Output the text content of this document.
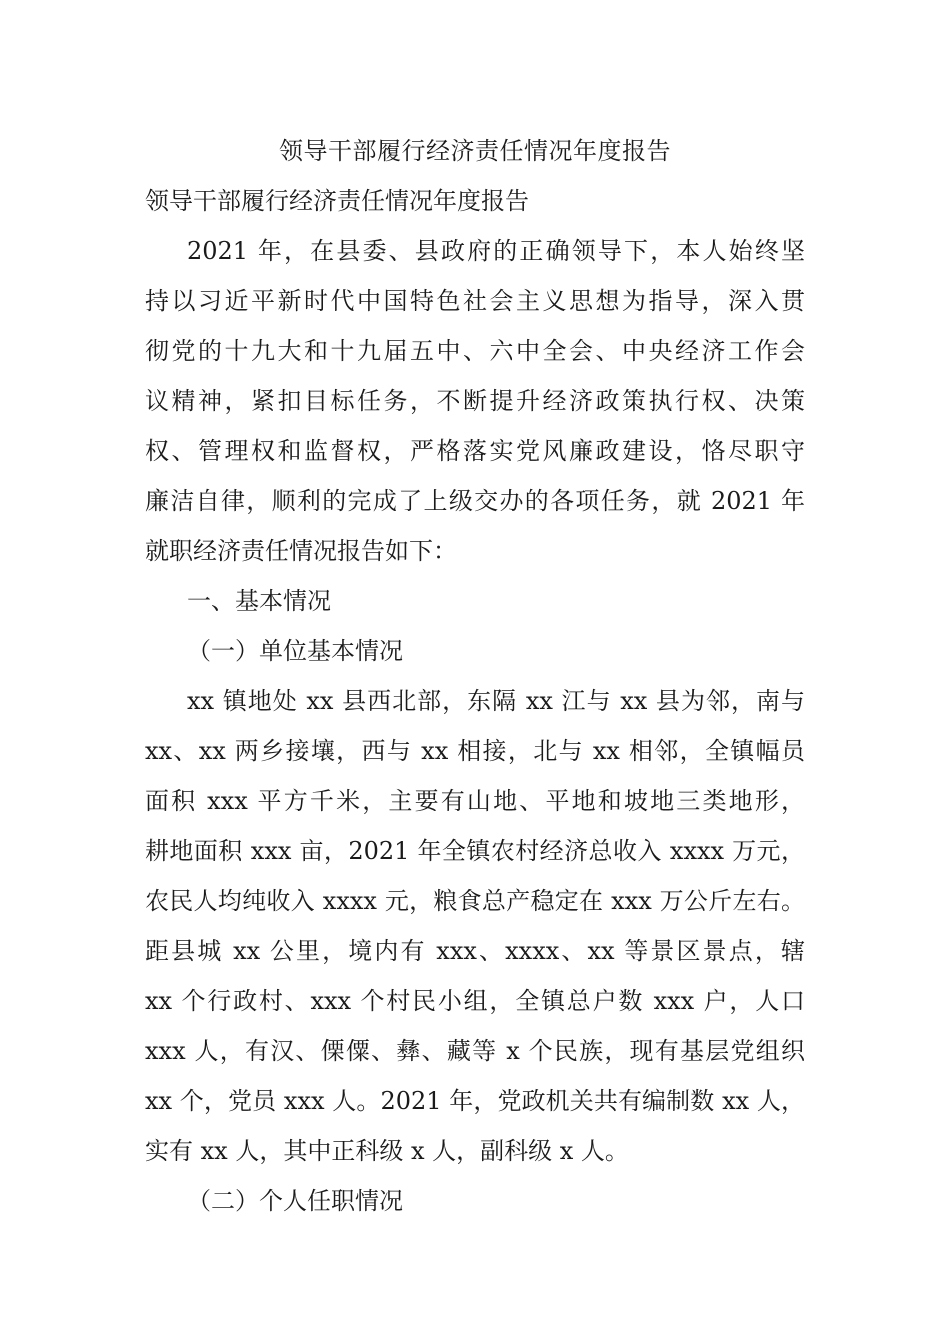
领导干部履行经济责任情况年度报告
领导干部履行经济责任情况年度报告
2021 年，在县委、县政府的正确领导下，本人始终坚
持以习近平新时代中国特色社会主义思想为指导，深入贯
彻党的十九大和十九届五中、六中全会、中央经济工作会
议精神，紧扣目标任务，不断提升经济政策执行权、决策
权、管理权和监督权，严格落实党风廉政建设，恪尽职守
廉洁自律，顺利的完成了上级交办的各项任务，就 2021 年
就职经济责任情况报告如下：
一、基本情况
（一）单位基本情况
xx 镇地处 xx 县西北部，东隔 xx 江与 xx 县为邻，南与
xx、xx 两乡接壤，西与 xx 相接，北与 xx 相邻，全镇幅员
面积 xxx 平方千米，主要有山地、平地和坡地三类地形，
耕地面积 xxx 亩，2021 年全镇农村经济总收入 xxxx 万元，
农民人均纯收入 xxxx 元，粮食总产稳定在 xxx 万公斤左右。
距县城 xx 公里，境内有 xxx、xxxx、xx 等景区景点，辖
xx 个行政村、xxx 个村民小组，全镇总户数 xxx 户，人口
xxx 人，有汉、傈僳、彝、藏等 x 个民族，现有基层党组织
xx 个，党员 xxx 人。2021 年，党政机关共有编制数 xx 人，
实有 xx 人，其中正科级 x 人，副科级 x 人。
（二）个人任职情况
